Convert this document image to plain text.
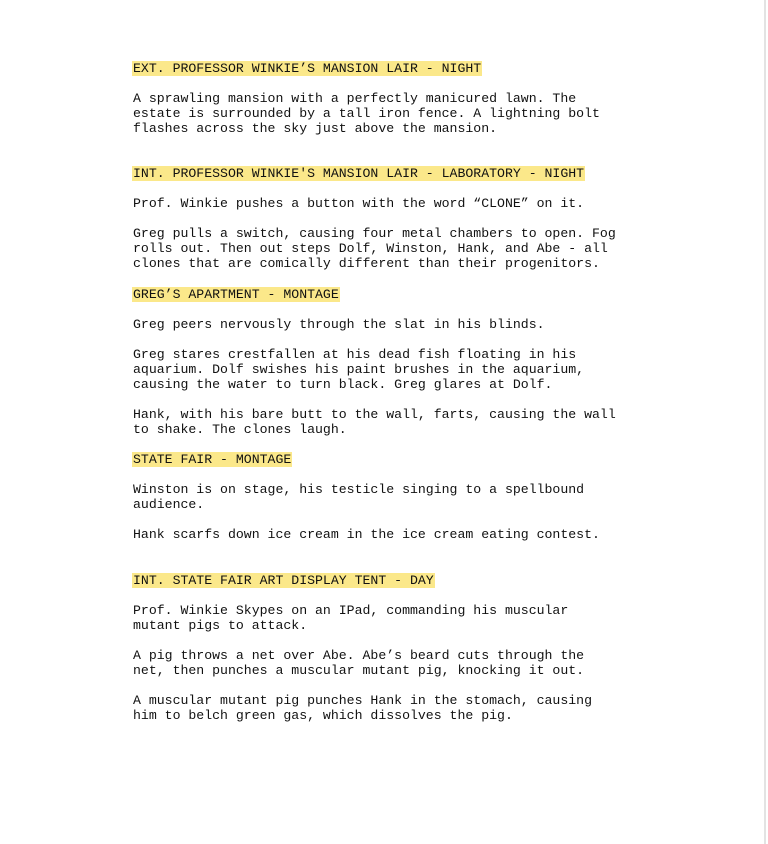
EXT. PROFESSOR WINKIE’S MANSION LAIR - NIGHT

A sprawling mansion with a perfectly manicured lawn. The
estate is surrounded by a tall iron fence. A lightning bolt
flashes across the sky just above the mansion.

INT. PROFESSOR WINKIE'S MANSION LAIR - LABORATORY - NIGHT

Prof. Winkie pushes a button with the word “CLONE” on it.

Greg pulls a switch, causing four metal chambers to open. Fog
rolls out. Then out steps Dolf, Winston, Hank, and Abe - all
clones that are comically different than their progenitors.

GREG’S APARTMENT - MONTAGE

Greg peers nervously through the slat in his blinds.

Greg stares crestfallen at his dead fish floating in his
aquarium. Dolf swishes his paint brushes in the aquarium,
causing the water to turn black. Greg glares at Dolf.

Hank, with his bare butt to the wall, farts, causing the wall
to shake. The clones laugh.

STATE FAIR - MONTAGE

Winston is on stage, his testicle singing to a spellbound
audience.

Hank scarfs down ice cream in the ice cream eating contest.

INT. STATE FAIR ART DISPLAY TENT - DAY

Prof. Winkie Skypes on an IPad, commanding his muscular
mutant pigs to attack.

A pig throws a net over Abe. Abe’s beard cuts through the
net, then punches a muscular mutant pig, knocking it out.

A muscular mutant pig punches Hank in the stomach, causing
him to belch green gas, which dissolves the pig.
